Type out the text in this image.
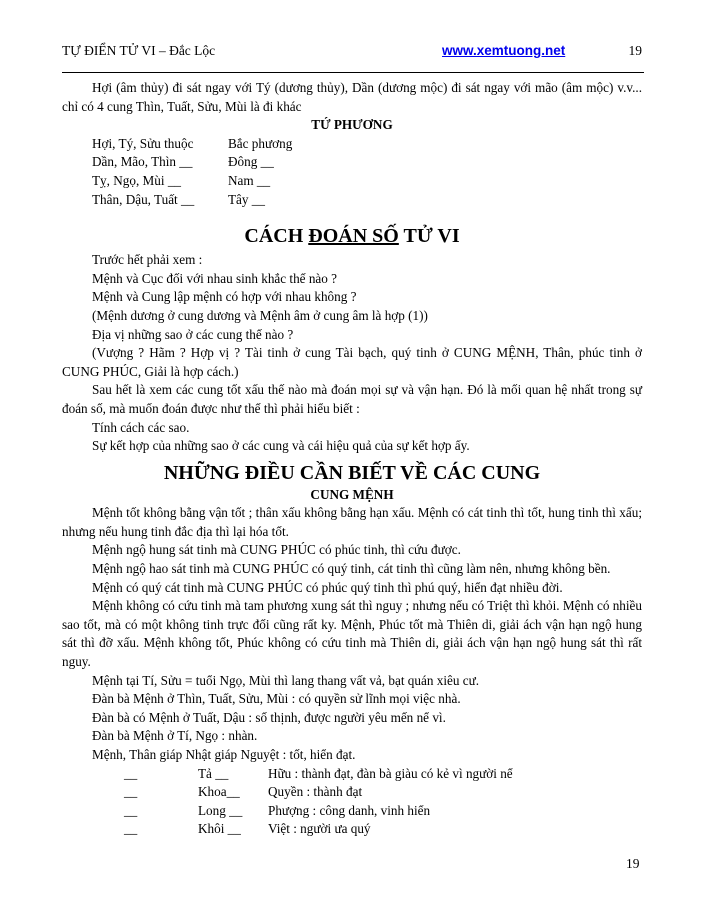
TỰ ĐIỂN TỬ VI – Đắc Lộc	www.xemtuong.net	19

Hợi (âm thủy) đi sát ngay với Tý (dương thủy), Dần (dương mộc) đi sát ngay với mão (âm mộc) v.v... chỉ có 4 cung Thìn, Tuất, Sửu, Mùi là đi khác

TỨ PHƯƠNG

Hợi, Tý, Sửu thuộc	Bắc phương
Dần, Mão, Thìn __	Đông __
Tỵ, Ngọ, Mùi __	Nam __
Thân, Dậu, Tuất __	Tây __

CÁCH ĐOÁN SỐ TỬ VI

Trước hết phải xem :

Mệnh và Cục đối với nhau sinh khắc thế nào ?

Mệnh và Cung lập mệnh có hợp với nhau không ?

(Mệnh dương ở cung dương và Mệnh âm ở cung âm là hợp (1))

Địa vị những sao ở các cung thế nào ?

(Vượng ? Hãm ? Hợp vị ? Tài tinh ở cung Tài bạch, quý tinh ở CUNG MỆNH, Thân, phúc tinh ở CUNG PHÚC, Giải là hợp cách.)

Sau hết là xem các cung tốt xấu thế nào mà đoán mọi sự và vận hạn. Đó là mối quan hệ nhất trong sự đoán số, mà muốn đoán được như thế thì phải hiểu biết :

Tính cách các sao.

Sự kết hợp của những sao ở các cung và cái hiệu quả của sự kết hợp ấy.

NHỮNG ĐIỀU CẦN BIẾT VỀ CÁC CUNG

CUNG MỆNH

Mệnh tốt không bằng vận tốt ; thân xấu không bằng hạn xấu. Mệnh có cát tinh thì tốt, hung tinh thì xấu; nhưng nếu hung tinh đắc địa thì lại hóa tốt.

Mệnh ngộ hung sát tinh mà CUNG PHÚC có phúc tinh, thì cứu được.

Mệnh ngộ hao sát tinh mà CUNG PHÚC có quý tinh, cát tinh thì cũng làm nên, nhưng không bền.

Mệnh có quý cát tinh mà CUNG PHÚC có phúc quý tinh thì phú quý, hiển đạt nhiều đời.

Mệnh không có cứu tinh mà tam phương xung sát thì nguy ; nhưng nếu có Triệt thì khỏi. Mệnh có nhiều sao tốt, mà có một không tinh trực đối cũng rất ky. Mệnh, Phúc tốt mà Thiên di, giải ách vận hạn ngộ hung sát thì đỡ xấu. Mệnh không tốt, Phúc không có cứu tinh mà Thiên di, giải ách vận hạn ngộ hung sát thì rất nguy.

Mệnh tại Tí, Sửu = tuổi Ngọ, Mùi thì lang thang vất vả, bạt quán xiêu cư.

Đàn bà Mệnh ở Thìn, Tuất, Sửu, Mùi : có quyền sử lĩnh mọi việc nhà.

Đàn bà có Mệnh ở Tuất, Dậu : số thịnh, được người yêu mến nể vì.

Đàn bà Mệnh ở Tí, Ngọ : nhàn.

Mệnh, Thân giáp Nhật giáp Nguyệt : tốt, hiển đạt.

__	Tả __	Hữu : thành đạt, đàn bà giàu có kẻ vì người nể
__	Khoa__	Quyền : thành đạt
__	Long __	Phượng : công danh, vinh hiển
__	Khôi __	Việt : người ưa quý
19
